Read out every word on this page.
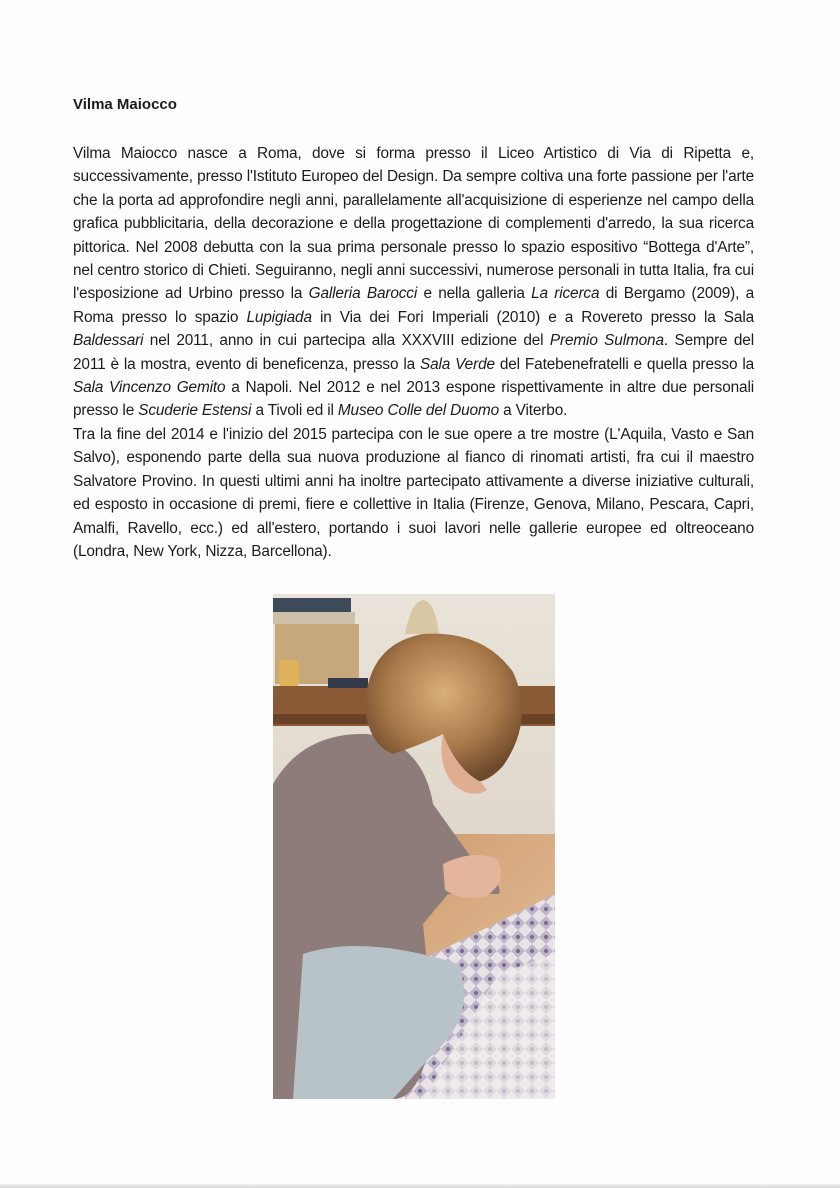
Vilma Maiocco

Vilma Maiocco nasce a Roma, dove si forma presso il Liceo Artistico di Via di Ripetta e, successivamente, presso l'Istituto Europeo del Design. Da sempre coltiva una forte passione per l'arte che la porta ad approfondire negli anni, parallelamente all'acquisizione di esperienze nel campo della grafica pubblicitaria, della decorazione e della progettazione di complementi d'arredo, la sua ricerca pittorica. Nel 2008 debutta con la sua prima personale presso lo spazio espositivo “Bottega d'Arte”, nel centro storico di Chieti. Seguiranno, negli anni successivi, numerose personali in tutta Italia, fra cui l'esposizione ad Urbino presso la Galleria Barocci e nella galleria La ricerca di Bergamo (2009), a Roma presso lo spazio Lupigiada in Via dei Fori Imperiali (2010) e a Rovereto presso la Sala Baldessari nel 2011, anno in cui partecipa alla XXXVIII edizione del Premio Sulmona. Sempre del 2011 è la mostra, evento di beneficenza, presso la Sala Verde del Fatebenefratelli e quella presso la Sala Vincenzo Gemito a Napoli. Nel 2012 e nel 2013 espone rispettivamente in altre due personali presso le Scuderie Estensi a Tivoli ed il Museo Colle del Duomo a Viterbo.

Tra la fine del 2014 e l'inizio del 2015 partecipa con le sue opere a tre mostre (L'Aquila, Vasto e San Salvo), esponendo parte della sua nuova produzione al fianco di rinomati artisti, fra cui il maestro Salvatore Provino. In questi ultimi anni ha inoltre partecipato attivamente a diverse iniziative culturali, ed esposto in occasione di premi, fiere e collettive in Italia (Firenze, Genova, Milano, Pescara, Capri, Amalfi, Ravello, ecc.) ed all'estero, portando i suoi lavori nelle gallerie europee ed oltreoceano (Londra, New York, Nizza, Barcellona).
